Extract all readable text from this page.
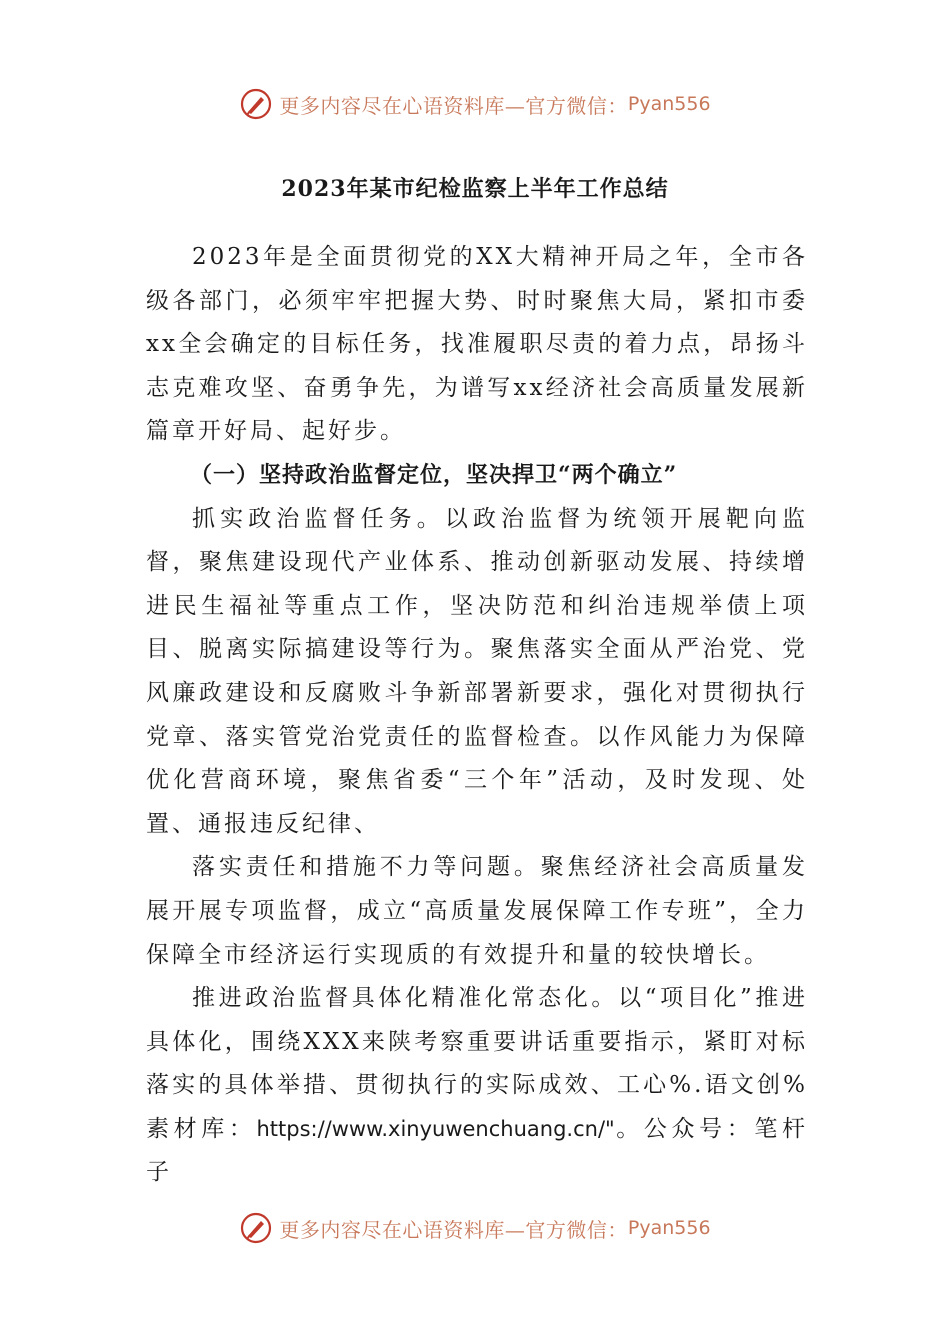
更多内容尽在心语资料库—官方微信： Pyan556
2023年某市纪检监察上半年工作总结

2023年是全面贯彻党的XX大精神开局之年，全市各级各部门，必须牢牢把握大势、时时聚焦大局，紧扣市委xx全会确定的目标任务，找准履职尽责的着力点，昂扬斗志克难攻坚、奋勇争先，为谱写xx经济社会高质量发展新篇章开好局、起好步。

（一）坚持政治监督定位，坚决捍卫“两个确立”

抓实政治监督任务。以政治监督为统领开展靶向监督，聚焦建设现代产业体系、推动创新驱动发展、持续增进民生福祉等重点工作，坚决防范和纠治违规举债上项目、脱离实际搞建设等行为。聚焦落实全面从严治党、党风廉政建设和反腐败斗争新部署新要求，强化对贯彻执行党章、落实管党治党责任的监督检查。以作风能力为保障优化营商环境，聚焦省委“三个年”活动，及时发现、处置、通报违反纪律、

落实责任和措施不力等问题。聚焦经济社会高质量发展开展专项监督，成立“高质量发展保障工作专班”，全力保障全市经济运行实现质的有效提升和量的较快增长。

推进政治监督具体化精准化常态化。以“项目化”推进具体化，围绕XXX来陕考察重要讲话重要指示，紧盯对标落实的具体举措、贯彻执行的实际成效、工心%.语文创%素材库：https://www.xinyuwenchuang.cn/"。公众号：笔杆子

更多内容尽在心语资料库—官方微信： Pyan556
